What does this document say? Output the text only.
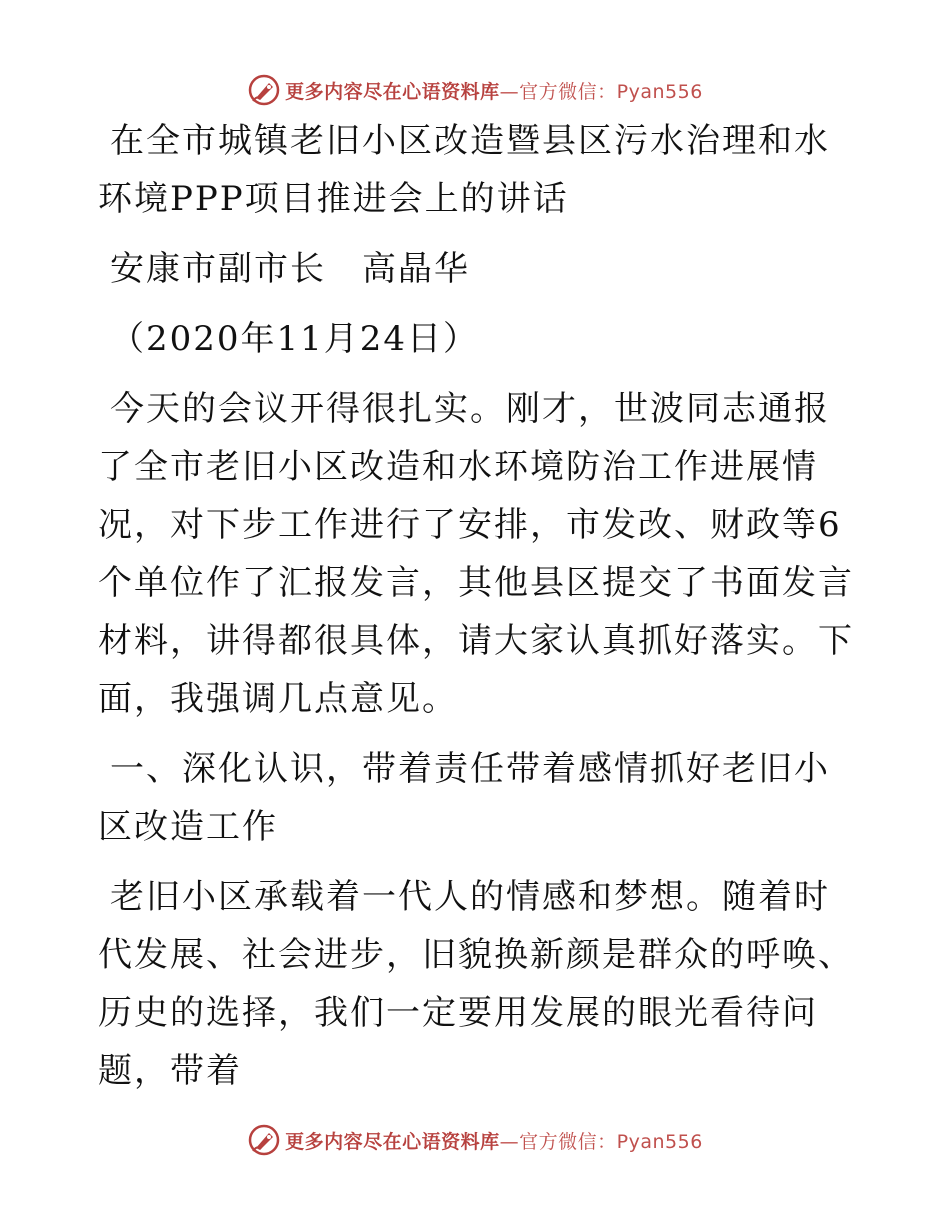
更多内容尽在心语资料库—官方微信：Pyan556

在全市城镇老旧小区改造暨县区污水治理和水环境PPP项目推进会上的讲话

安康市副市长　高晶华

（2020年11月24日）

今天的会议开得很扎实。刚才，世波同志通报了全市老旧小区改造和水环境防治工作进展情况，对下步工作进行了安排，市发改、财政等6个单位作了汇报发言，其他县区提交了书面发言材料，讲得都很具体，请大家认真抓好落实。下面，我强调几点意见。

一、深化认识，带着责任带着感情抓好老旧小区改造工作

老旧小区承载着一代人的情感和梦想。随着时代发展、社会进步，旧貌换新颜是群众的呼唤、历史的选择，我们一定要用发展的眼光看待问题，带着

更多内容尽在心语资料库—官方微信：Pyan556
